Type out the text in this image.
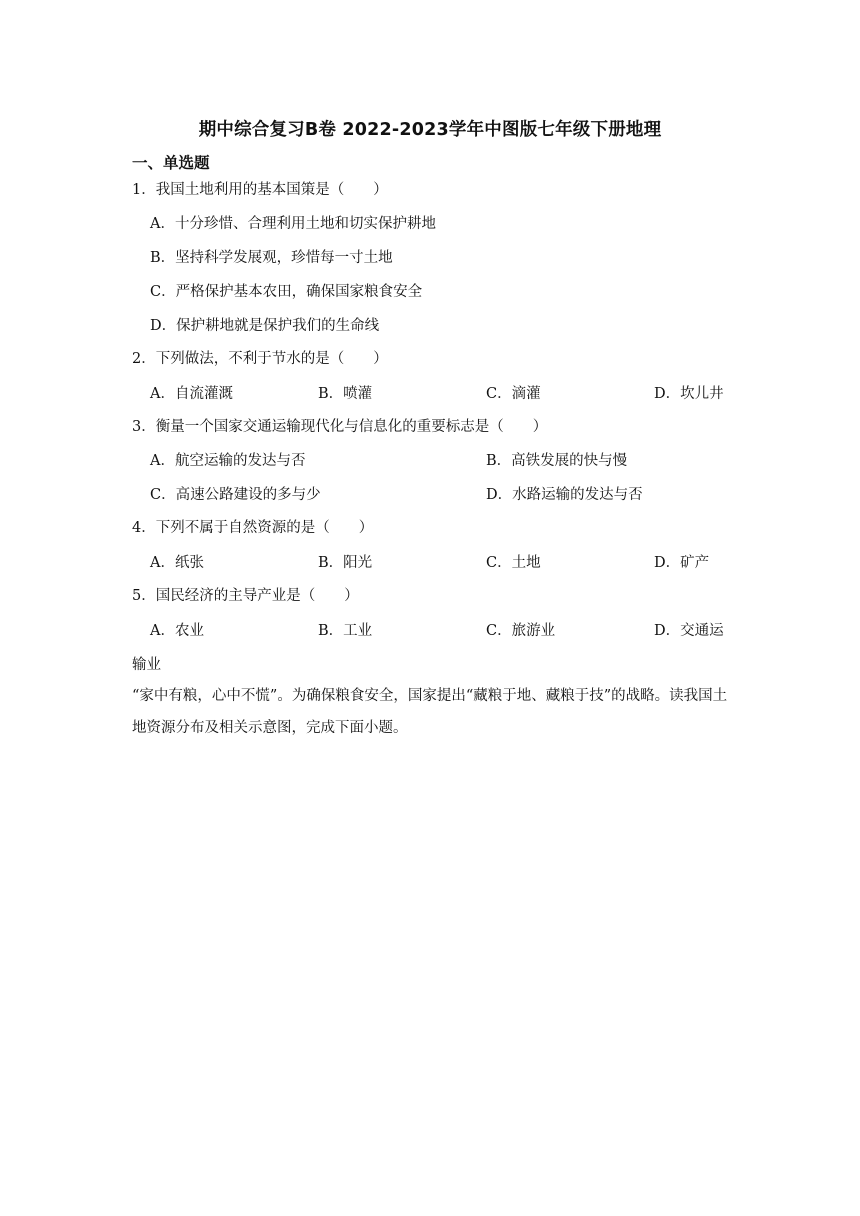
期中综合复习B卷 2022-2023学年中图版七年级下册地理
一、单选题
1．我国土地利用的基本国策是（　　）
A．十分珍惜、合理利用土地和切实保护耕地
B．坚持科学发展观，珍惜每一寸土地
C．严格保护基本农田，确保国家粮食安全
D．保护耕地就是保护我们的生命线
2．下列做法，不利于节水的是（　　）
A．自流灌溉	B．喷灌	C．滴灌	D．坎儿井
3．衡量一个国家交通运输现代化与信息化的重要标志是（　　）
A．航空运输的发达与否	B．高铁发展的快与慢
C．高速公路建设的多与少	D．水路运输的发达与否
4．下列不属于自然资源的是（　　）
A．纸张	B．阳光	C．土地	D．矿产
5．国民经济的主导产业是（　　）
A．农业	B．工业	C．旅游业	D．交通运
输业
“家中有粮，心中不慌”。为确保粮食安全，国家提出“藏粮于地、藏粮于技”的战略。读我国土地资源分布及相关示意图，完成下面小题。
